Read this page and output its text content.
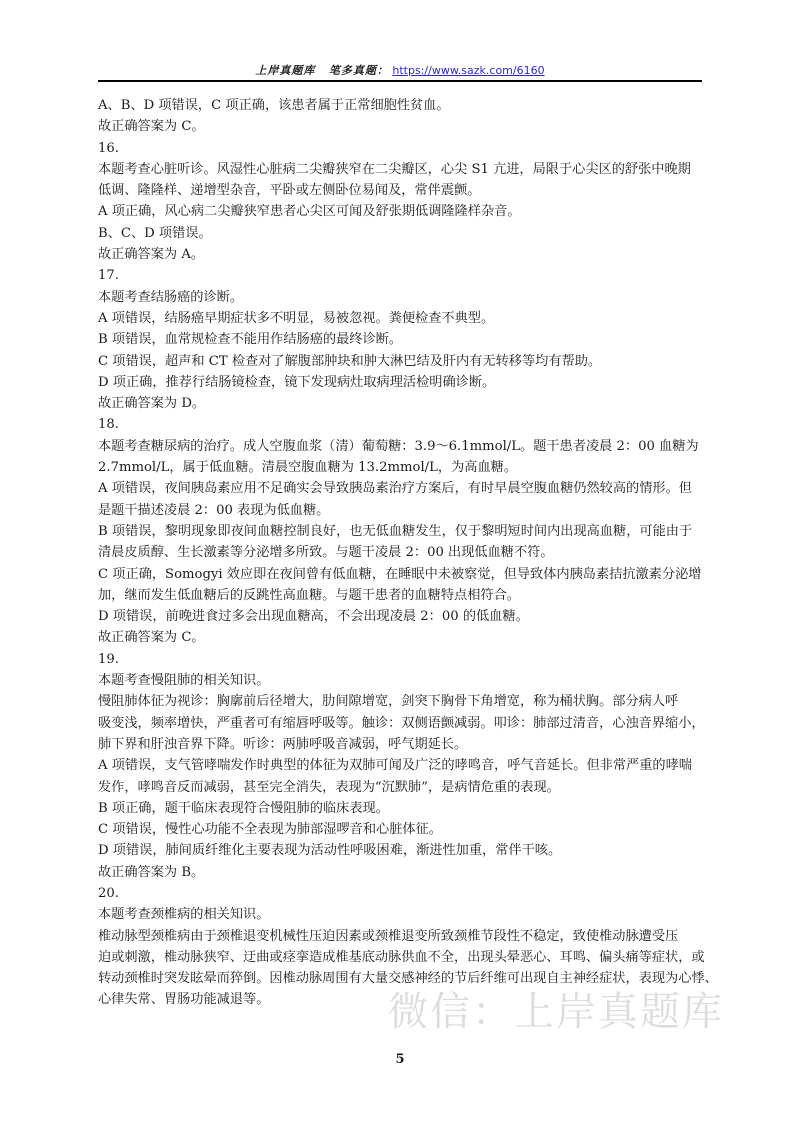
上岸真题库 笔多真题： https://www.sazk.com/6160
A、B、D 项错误，C 项正确，该患者属于正常细胞性贫血。
故正确答案为 C。
16.
本题考查心脏听诊。风湿性心脏病二尖瓣狭窄在二尖瓣区，心尖 S1 亢进，局限于心尖区的舒张中晚期
低调、隆隆样、递增型杂音，平卧或左侧卧位易闻及，常伴震颤。
A 项正确，风心病二尖瓣狭窄患者心尖区可闻及舒张期低调隆隆样杂音。
B、C、D 项错误。
故正确答案为 A。
17.
本题考查结肠癌的诊断。
A 项错误，结肠癌早期症状多不明显，易被忽视。粪便检查不典型。
B 项错误，血常规检查不能用作结肠癌的最终诊断。
C 项错误，超声和 CT 检查对了解腹部肿块和肿大淋巴结及肝内有无转移等均有帮助。
D 项正确，推荐行结肠镜检查，镜下发现病灶取病理活检明确诊断。
故正确答案为 D。
18.
本题考查糖尿病的治疗。成人空腹血浆（清）葡萄糖：3.9～6.1mmol/L。题干患者凌晨 2：00 血糖为
2.7mmol/L，属于低血糖。清晨空腹血糖为 13.2mmol/L，为高血糖。
A 项错误，夜间胰岛素应用不足确实会导致胰岛素治疗方案后，有时早晨空腹血糖仍然较高的情形。但
是题干描述凌晨 2：00 表现为低血糖。
B 项错误，黎明现象即夜间血糖控制良好，也无低血糖发生，仅于黎明短时间内出现高血糖，可能由于
清晨皮质醇、生长激素等分泌增多所致。与题干凌晨 2：00 出现低血糖不符。
C 项正确，Somogyi 效应即在夜间曾有低血糖，在睡眠中未被察觉，但导致体内胰岛素拮抗激素分泌增
加，继而发生低血糖后的反跳性高血糖。与题干患者的血糖特点相符合。
D 项错误，前晚进食过多会出现血糖高，不会出现凌晨 2：00 的低血糖。
故正确答案为 C。
19.
本题考查慢阻肺的相关知识。
慢阻肺体征为视诊：胸廓前后径增大，肋间隙增宽，剑突下胸骨下角增宽，称为桶状胸。部分病人呼
吸变浅，频率增快，严重者可有缩唇呼吸等。触诊：双侧语颤减弱。叩诊：肺部过清音，心浊音界缩小，
肺下界和肝浊音界下降。听诊：两肺呼吸音减弱，呼气期延长。
A 项错误，支气管哮喘发作时典型的体征为双肺可闻及广泛的哮鸣音，呼气音延长。但非常严重的哮喘
发作，哮鸣音反而减弱，甚至完全消失，表现为“沉默肺”，是病情危重的表现。
B 项正确，题干临床表现符合慢阻肺的临床表现。
C 项错误，慢性心功能不全表现为肺部湿啰音和心脏体征。
D 项错误，肺间质纤维化主要表现为活动性呼吸困难，渐进性加重，常伴干咳。
故正确答案为 B。
20.
本题考查颈椎病的相关知识。
椎动脉型颈椎病由于颈椎退变机械性压迫因素或颈椎退变所致颈椎节段性不稳定，致使椎动脉遭受压
迫或刺激，椎动脉狭窄、迂曲或痉挛造成椎基底动脉供血不全，出现头晕恶心、耳鸣、偏头痛等症状，或
转动颈椎时突发眩晕而猝倒。因椎动脉周围有大量交感神经的节后纤维可出现自主神经症状，表现为心悸、
心律失常、胃肠功能减退等。	微信：上岸真题库
5
